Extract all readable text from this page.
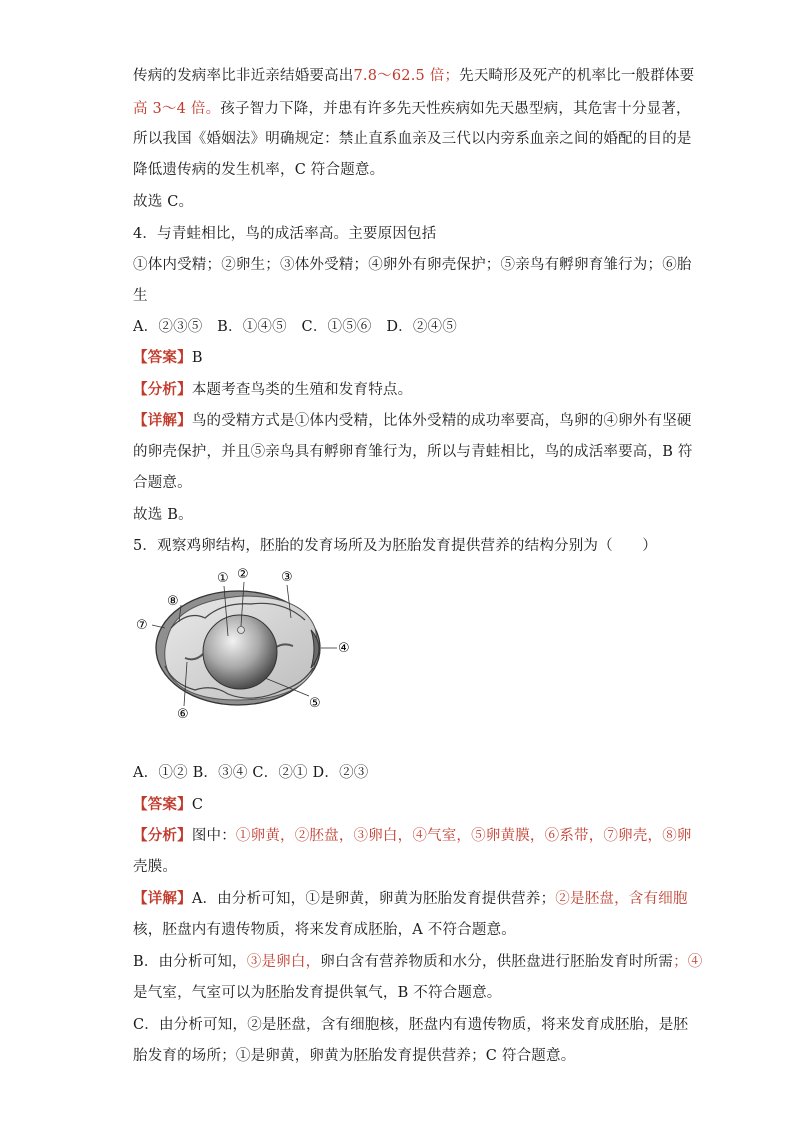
传病的发病率比非近亲结婚要高出7.8～62.5 倍；先天畸形及死产的机率比一般群体要
高 3～4 倍。孩子智力下降，并患有许多先天性疾病如先天愚型病，其危害十分显著，
所以我国《婚姻法》明确规定：禁止直系血亲及三代以内旁系血亲之间的婚配的目的是
降低遗传病的发生机率，C 符合题意。
故选 C。
4．与青蛙相比，鸟的成活率高。主要原因包括
①体内受精；②卵生；③体外受精；④卵外有卵壳保护；⑤亲鸟有孵卵育雏行为；⑥胎
生
A．②③⑤　B．①④⑤　C．①⑤⑥　D．②④⑤
【答案】B
【分析】本题考查鸟类的生殖和发育特点。
【详解】鸟的受精方式是①体内受精，比体外受精的成功率要高，鸟卵的④卵外有坚硬
的卵壳保护，并且⑤亲鸟具有孵卵育雏行为，所以与青蛙相比，鸟的成活率要高，B 符
合题意。
故选 B。
5．观察鸡卵结构，胚胎的发育场所及为胚胎发育提供营养的结构分别为（　　）
① ② ③
④
⑤
⑥
⑦
⑧
A．①② B．③④ C．②① D．②③
【答案】C
【分析】图中：①卵黄，②胚盘，③卵白，④气室，⑤卵黄膜，⑥系带，⑦卵壳，⑧卵
壳膜。
【详解】A．由分析可知，①是卵黄，卵黄为胚胎发育提供营养；②是胚盘，含有细胞
核，胚盘内有遗传物质，将来发育成胚胎，A 不符合题意。
B．由分析可知，③是卵白，卵白含有营养物质和水分，供胚盘进行胚胎发育时所需；④
是气室，气室可以为胚胎发育提供氧气，B 不符合题意。
C．由分析可知，②是胚盘，含有细胞核，胚盘内有遗传物质，将来发育成胚胎，是胚
胎发育的场所；①是卵黄，卵黄为胚胎发育提供营养；C 符合题意。
